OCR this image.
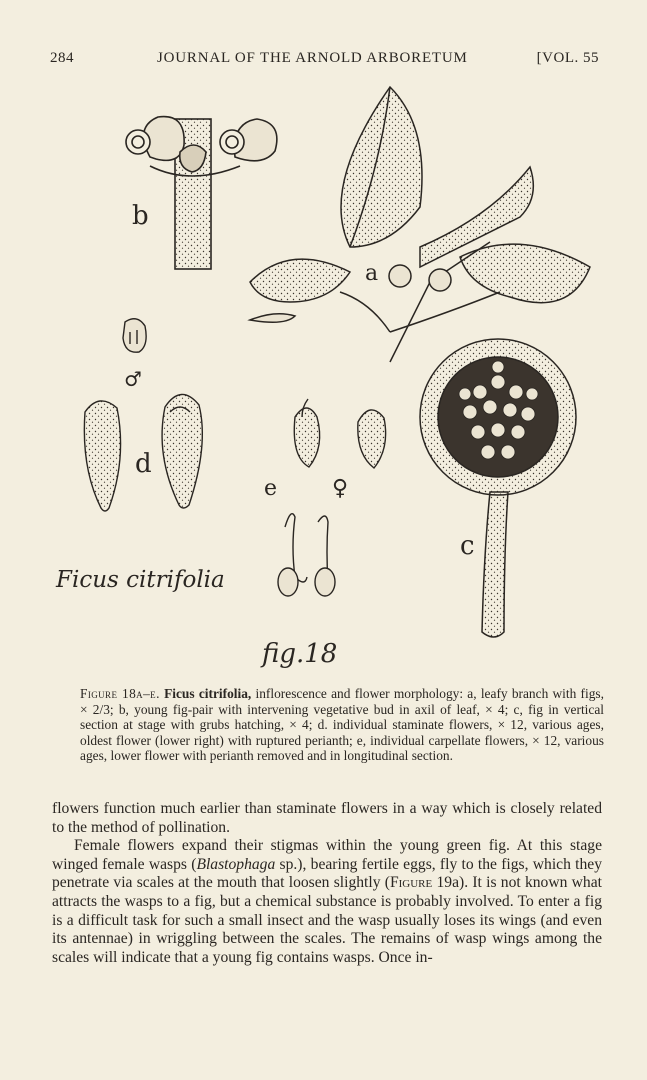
284	JOURNAL OF THE ARNOLD ARBORETUM	[VOL. 55
b
a
♂
d
e ♀
c
Ficus citrifolia
fig.18
Figure 18a–e. Ficus citrifolia, inflorescence and flower morphology: a, leafy branch with figs, × 2/3; b, young fig-pair with intervening vegetative bud in axil of leaf, × 4; c, fig in vertical section at stage with grubs hatching, × 4; d. individual staminate flowers, × 12, various ages, oldest flower (lower right) with ruptured perianth; e, individual carpellate flowers, × 12, various ages, lower flower with perianth removed and in longitudinal section.

flowers function much earlier than staminate flowers in a way which is closely related to the method of pollination.

Female flowers expand their stigmas within the young green fig. At this stage winged female wasps (Blastophaga sp.), bearing fertile eggs, fly to the figs, which they penetrate via scales at the mouth that loosen slightly (Figure 19a). It is not known what attracts the wasps to a fig, but a chemical substance is probably involved. To enter a fig is a difficult task for such a small insect and the wasp usually loses its wings (and even its antennae) in wriggling between the scales. The remains of wasp wings among the scales will indicate that a young fig contains wasps. Once in-
